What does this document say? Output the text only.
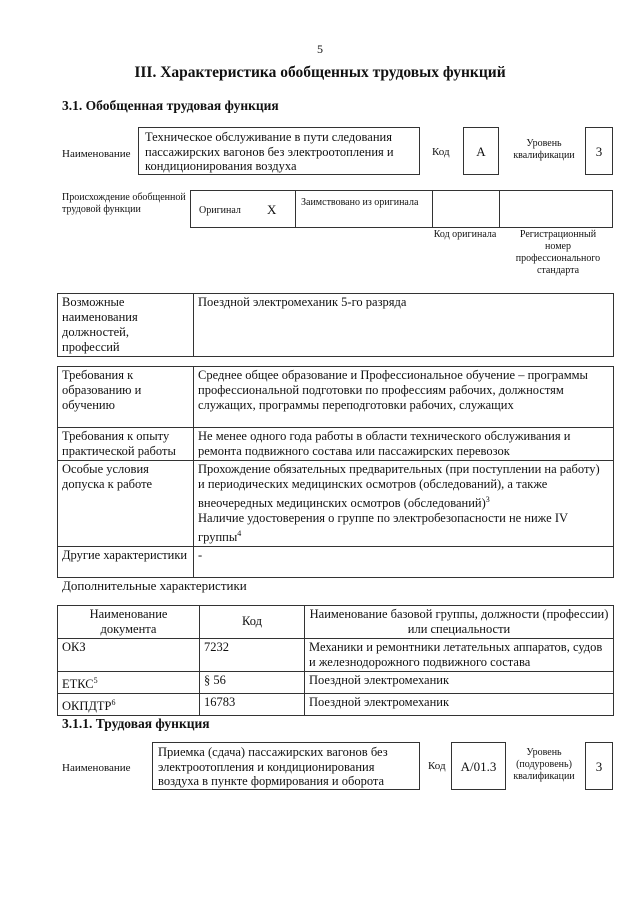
5
III. Характеристика обобщенных трудовых функций
3.1. Обобщенная трудовая функция
Наименование
Техническое обслуживание в пути следования пассажирских вагонов без электроотопления и кондиционирования воздуха
Код	А
Уровень квалификации	3
Происхождение обобщенной трудовой функции	Оригинал X Заимствовано из оригинала
Код оригинала	Регистрационный номер профессионального стандарта
Возможные наименования должностей, профессий	Поездной электромеханик 5-го разряда
Требования к образованию и обучению	Среднее общее образование и Профессиональное обучение – программы профессиональной подготовки по профессиям рабочих, должностям служащих, программы переподготовки рабочих, служащих
Требования к опыту практической работы	Не менее одного года работы в области технического обслуживания и ремонта подвижного состава или пассажирских перевозок
Особые условия допуска к работе	Прохождение обязательных предварительных (при поступлении на работу) и периодических медицинских осмотров (обследований), а также внеочередных медицинских осмотров (обследований)$^3$
Наличие удостоверения о группе по электробезопасности не ниже IV группы$^4$
Другие характеристики	-
Дополнительные характеристики
Наименование документа	Код	Наименование базовой группы, должности (профессии) или специальности
ОКЗ	7232	Механики и ремонтники летательных аппаратов, судов и железнодорожного подвижного состава
ЕТКС$^5$	§ 56	Поездной электромеханик
ОКПДТР$^6$	16783	Поездной электромеханик
3.1.1. Трудовая функция
Наименование
Приемка (сдача) пассажирских вагонов без электроотопления и кондиционирования воздуха в пункте формирования и оборота
Код	A/01.3
Уровень (подуровень) квалификации
3
